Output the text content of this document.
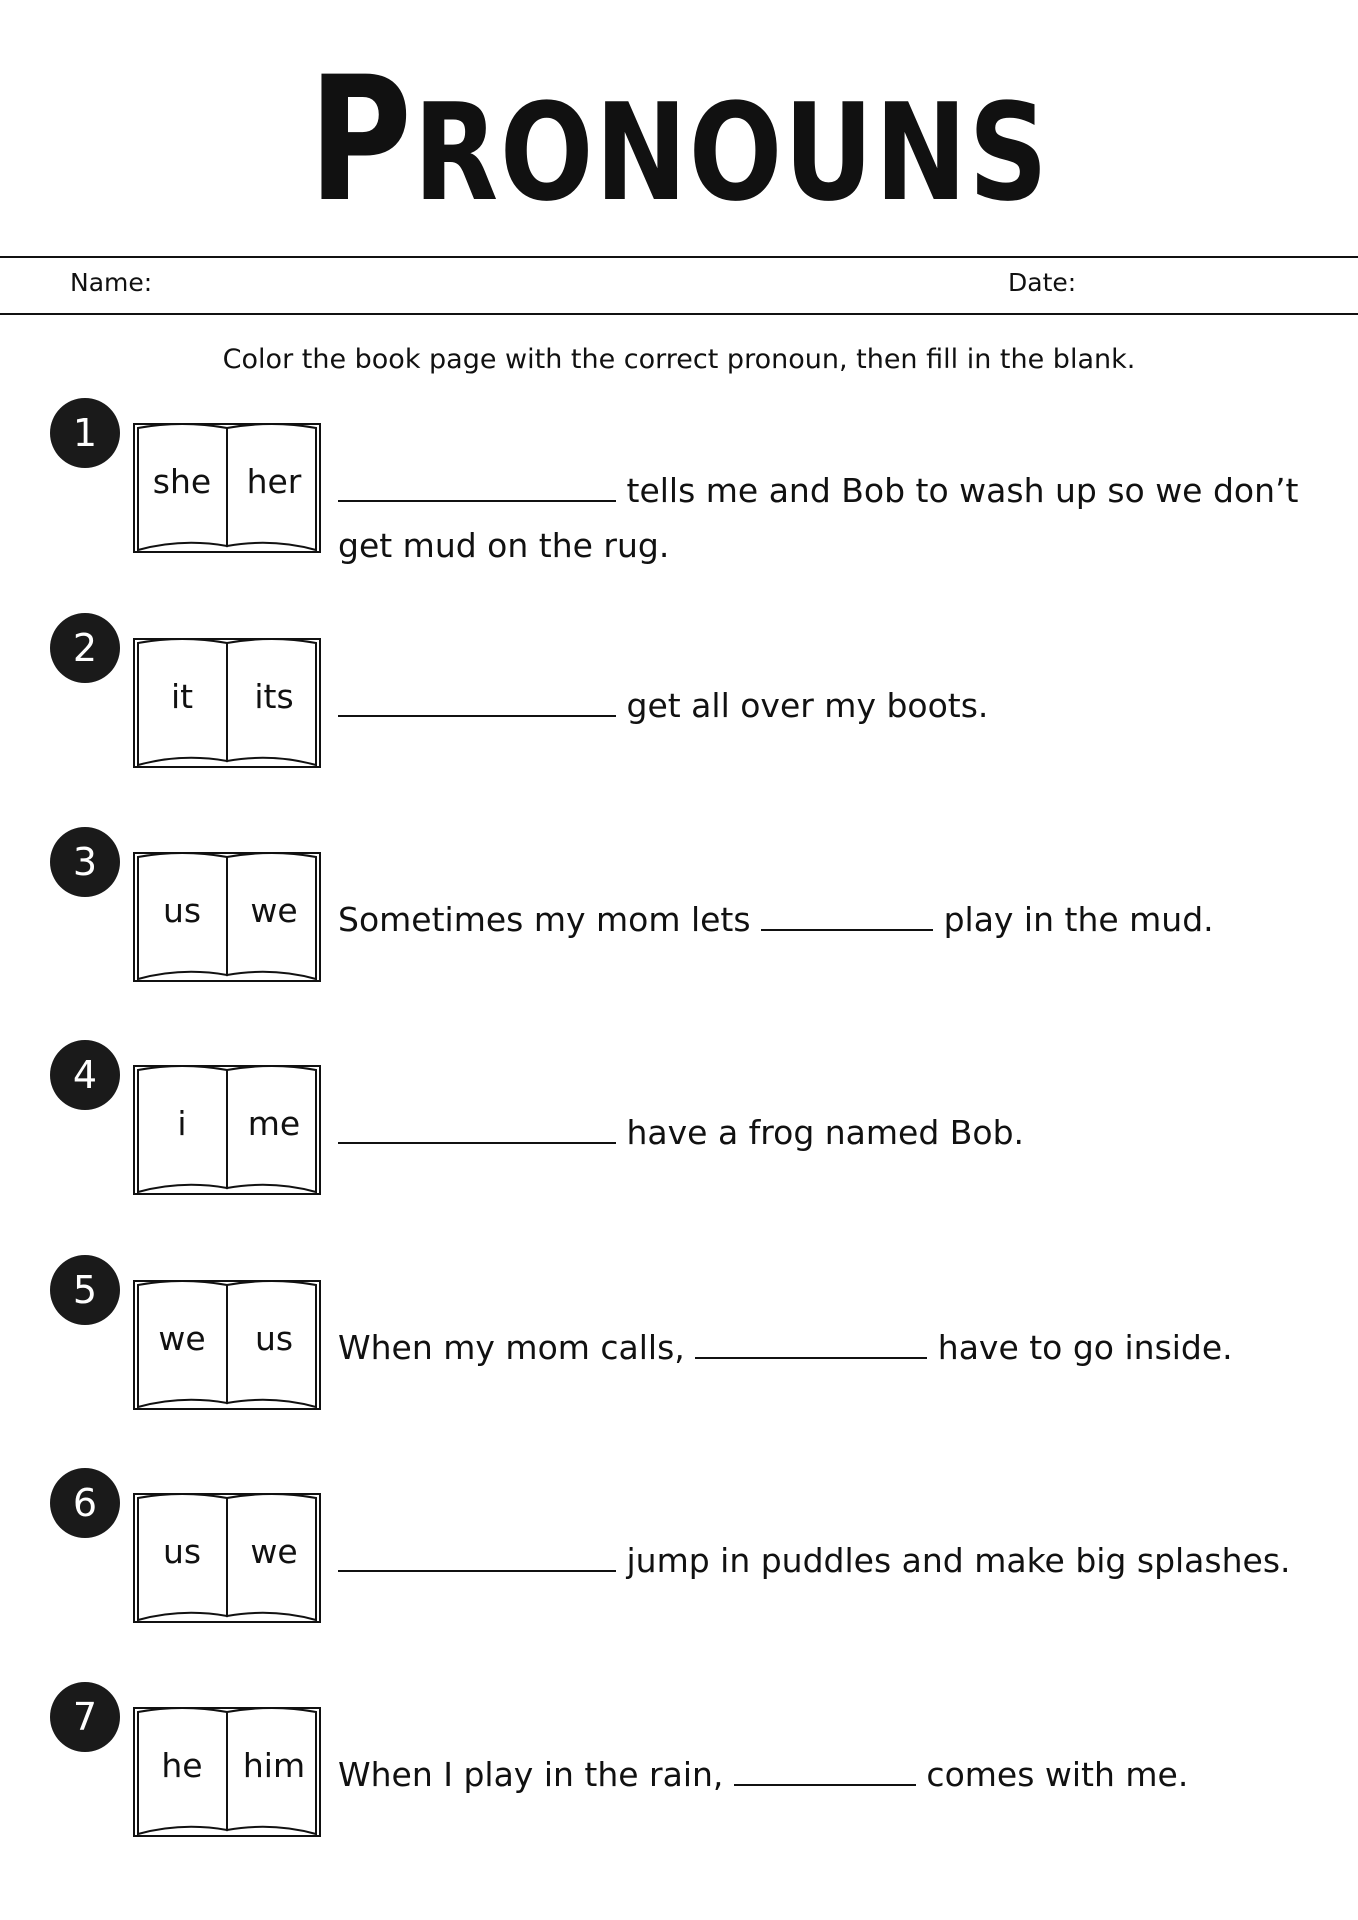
PRONOUNS
Name:	Date:
Color the book page with the correct pronoun, then fill in the blank.
1
she	her	tells me and Bob to wash up so we don’t
get mud on the rug.
2
it	its	get all over my boots.
3
us	we	Sometimes my mom lets	play in the mud.
4
i	me	have a frog named Bob.
5
we	us	When my mom calls,	have to go inside.
6
us	we	jump in puddles and make big splashes.
7
he	him When I play in the rain,	comes with me.
